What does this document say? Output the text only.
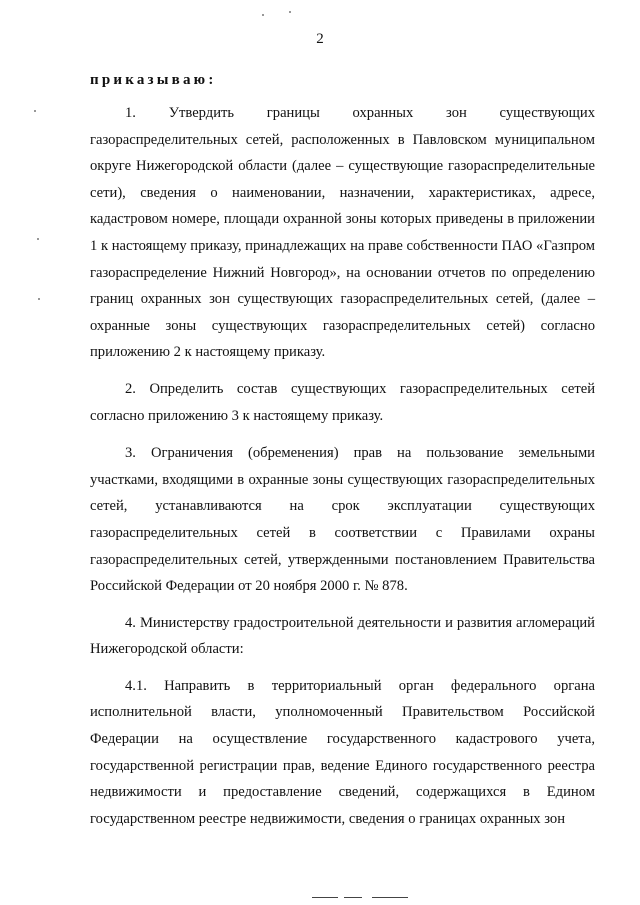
2
приказываю:

1. Утвердить границы охранных зон существующих газораспределительных сетей, расположенных в Павловском муниципальном округе Нижегородской области (далее – существующие газораспределительные сети), сведения о наименовании, назначении, характеристиках, адресе, кадастровом номере, площади охранной зоны которых приведены в приложении 1 к настоящему приказу, принадлежащих на праве собственности ПАО «Газпром газораспределение Нижний Новгород», на основании отчетов по определению границ охранных зон существующих газораспределительных сетей, (далее – охранные зоны существующих газораспределительных сетей) согласно приложению 2 к настоящему приказу.

2. Определить состав существующих газораспределительных сетей согласно приложению 3 к настоящему приказу.

3. Ограничения (обременения) прав на пользование земельными участками, входящими в охранные зоны существующих газораспределительных сетей, устанавливаются на срок эксплуатации существующих газораспределительных сетей в соответствии с Правилами охраны газораспределительных сетей, утвержденными постановлением Правительства Российской Федерации от 20 ноября 2000 г. № 878.

4. Министерству градостроительной деятельности и развития агломераций Нижегородской области:

4.1. Направить в территориальный орган федерального органа исполнительной власти, уполномоченный Правительством Российской Федерации на осуществление государственного кадастрового учета, государственной регистрации прав, ведение Единого государственного реестра недвижимости и предоставление сведений, содержащихся в Едином государственном реестре недвижимости, сведения о границах охранных зон
